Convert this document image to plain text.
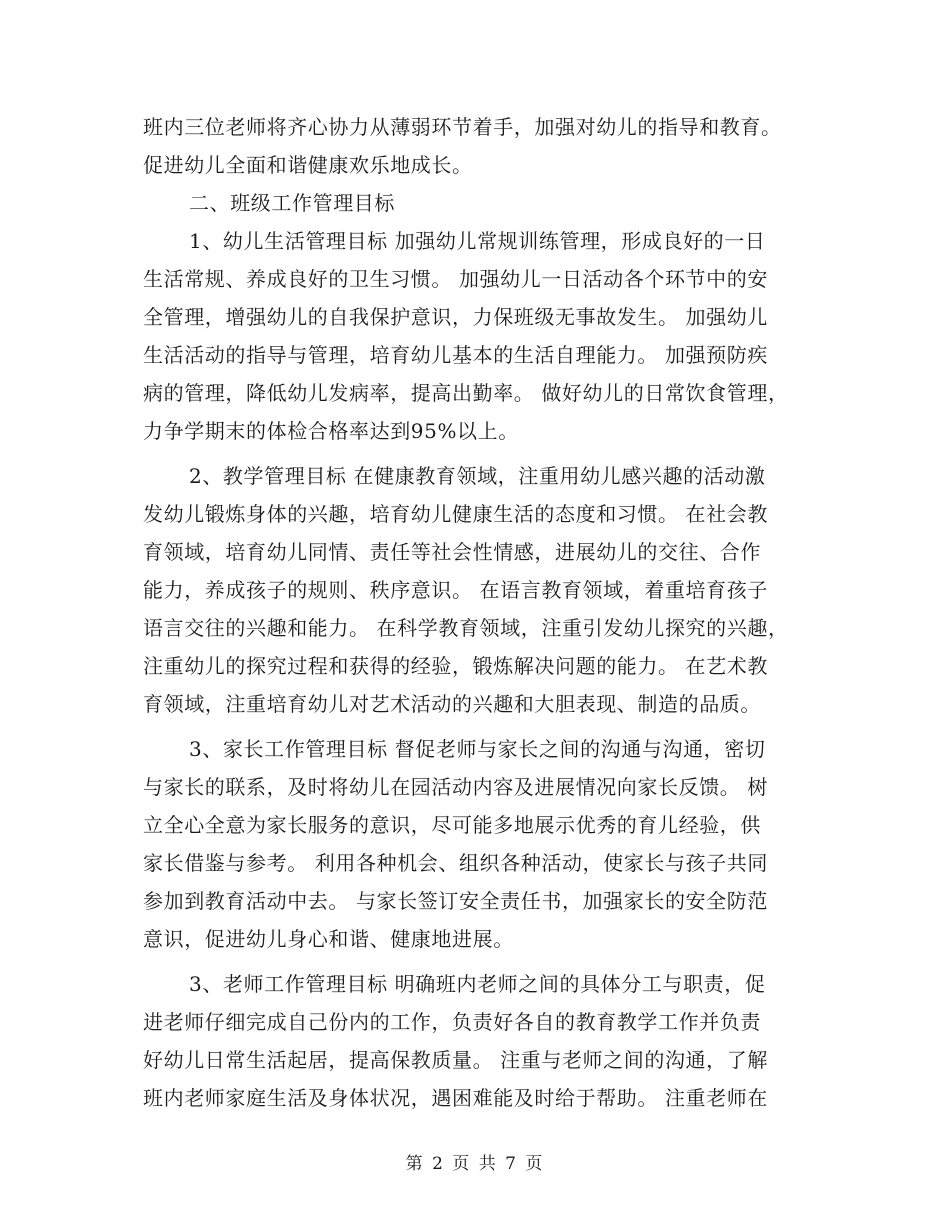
班内三位老师将齐心协力从薄弱环节着手，加强对幼儿的指导和教育。
促进幼儿全面和谐健康欢乐地成长。
二、班级工作管理目标
1、幼儿生活管理目标 加强幼儿常规训练管理，形成良好的一日
生活常规、养成良好的卫生习惯。 加强幼儿一日活动各个环节中的安
全管理，增强幼儿的自我保护意识，力保班级无事故发生。 加强幼儿
生活活动的指导与管理，培育幼儿基本的生活自理能力。 加强预防疾
病的管理，降低幼儿发病率，提高出勤率。 做好幼儿的日常饮食管理，
力争学期末的体检合格率达到95%以上。
2、教学管理目标 在健康教育领域，注重用幼儿感兴趣的活动激
发幼儿锻炼身体的兴趣，培育幼儿健康生活的态度和习惯。 在社会教
育领域，培育幼儿同情、责任等社会性情感，进展幼儿的交往、合作
能力，养成孩子的规则、秩序意识。 在语言教育领域，着重培育孩子
语言交往的兴趣和能力。 在科学教育领域，注重引发幼儿探究的兴趣，
注重幼儿的探究过程和获得的经验，锻炼解决问题的能力。 在艺术教
育领域，注重培育幼儿对艺术活动的兴趣和大胆表现、制造的品质。
3、家长工作管理目标 督促老师与家长之间的沟通与沟通，密切
与家长的联系，及时将幼儿在园活动内容及进展情况向家长反馈。 树
立全心全意为家长服务的意识，尽可能多地展示优秀的育儿经验，供
家长借鉴与参考。 利用各种机会、组织各种活动，使家长与孩子共同
参加到教育活动中去。 与家长签订安全责任书，加强家长的安全防范
意识，促进幼儿身心和谐、健康地进展。
3、老师工作管理目标 明确班内老师之间的具体分工与职责，促
进老师仔细完成自己份内的工作，负责好各自的教育教学工作并负责
好幼儿日常生活起居，提高保教质量。 注重与老师之间的沟通，了解
班内老师家庭生活及身体状况，遇困难能及时给于帮助。 注重老师在
第 2 页 共 7 页
